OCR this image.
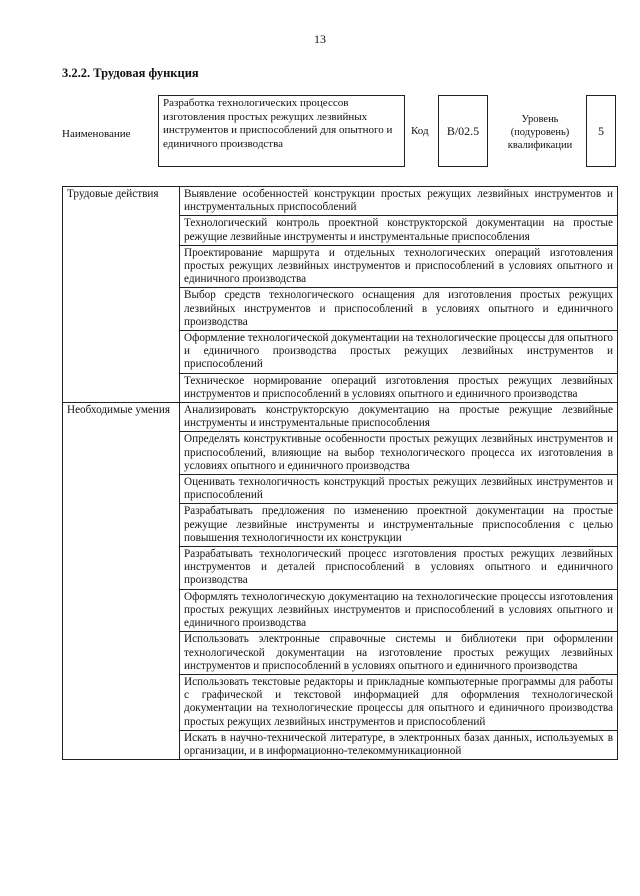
13
3.2.2. Трудовая функция
Наименование
Разработка технологических процессов изготовления простых режущих лезвийных инструментов и приспособлений для опытного и единичного производства
Код	B/02.5
Уровень (подуровень) квалификации
5
Трудовые действия	Выявление особенностей конструкции простых режущих лезвийных инструментов и инструментальных приспособлений
	Технологический контроль проектной конструкторской документации на простые режущие лезвийные инструменты и инструментальные приспособления
	Проектирование маршрута и отдельных технологических операций изготовления простых режущих лезвийных инструментов и приспособлений в условиях опытного и единичного производства
	Выбор средств технологического оснащения для изготовления простых режущих лезвийных инструментов и приспособлений в условиях опытного и единичного производства
	Оформление технологической документации на технологические процессы для опытного и единичного производства простых режущих лезвийных инструментов и приспособлений
	Техническое нормирование операций изготовления простых режущих лезвийных инструментов и приспособлений в условиях опытного и единичного производства
Необходимые умения	Анализировать конструкторскую документацию на простые режущие лезвийные инструменты и инструментальные приспособления
	Определять конструктивные особенности простых режущих лезвийных инструментов и приспособлений, влияющие на выбор технологического процесса их изготовления в условиях опытного и единичного производства
	Оценивать технологичность конструкций простых режущих лезвийных инструментов и приспособлений
	Разрабатывать предложения по изменению проектной документации на простые режущие лезвийные инструменты и инструментальные приспособления с целью повышения технологичности их конструкции
	Разрабатывать технологический процесс изготовления простых режущих лезвийных инструментов и деталей приспособлений в условиях опытного и единичного производства
	Оформлять технологическую документацию на технологические процессы изготовления простых режущих лезвийных инструментов и приспособлений в условиях опытного и единичного производства
	Использовать электронные справочные системы и библиотеки при оформлении технологической документации на изготовление простых режущих лезвийных инструментов и приспособлений в условиях опытного и единичного производства
	Использовать текстовые редакторы и прикладные компьютерные программы для работы с графической и текстовой информацией для оформления технологической документации на технологические процессы для опытного и единичного производства простых режущих лезвийных инструментов и приспособлений
	Искать в научно-технической литературе, в электронных базах данных, используемых в организации, и в информационно-телекоммуникационной
